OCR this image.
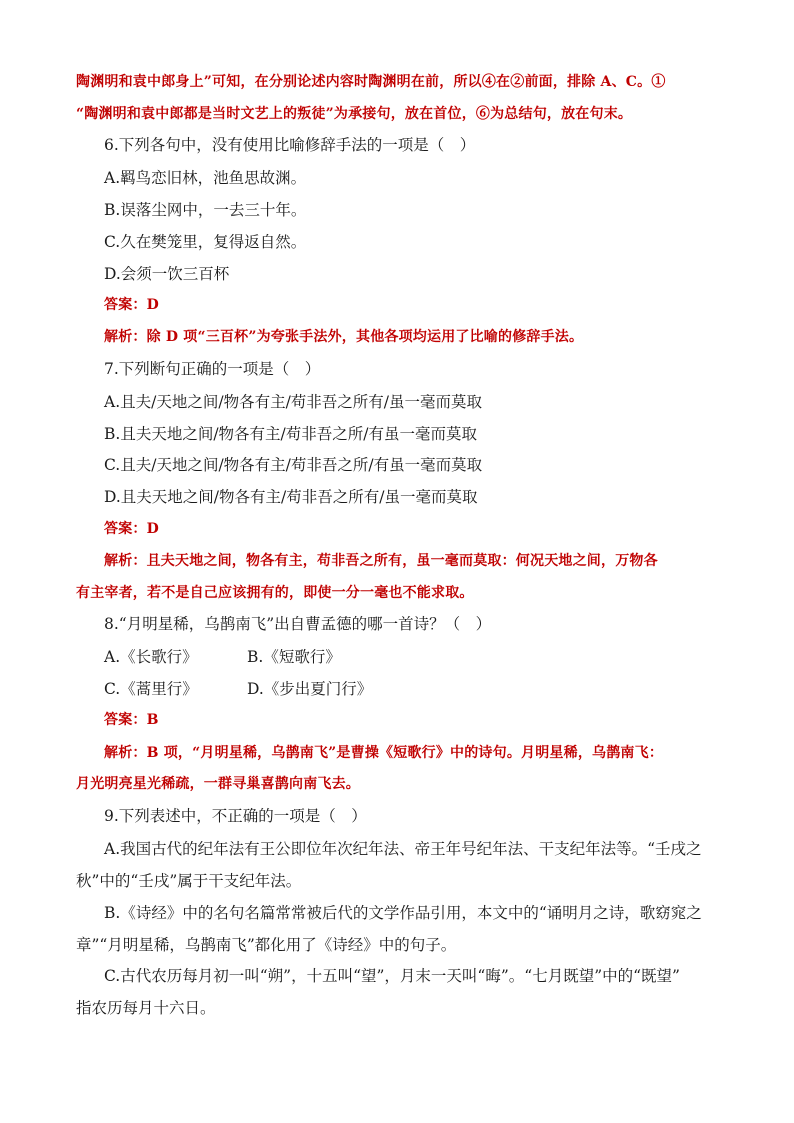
陶渊明和袁中郎身上”可知，在分别论述内容时陶渊明在前，所以④在②前面，排除 A、C。①
“陶渊明和袁中郎都是当时文艺上的叛徒”为承接句，放在首位，⑥为总结句，放在句末。
6.下列各句中，没有使用比喻修辞手法的一项是（　）
A.羁鸟恋旧林，池鱼思故渊。
B.误落尘网中，一去三十年。
C.久在樊笼里，复得返自然。
D.会须一饮三百杯
答案：D
解析：除 D 项“三百杯”为夸张手法外，其他各项均运用了比喻的修辞手法。
7.下列断句正确的一项是（　）
A.且夫/天地之间/物各有主/苟非吾之所有/虽一毫而莫取
B.且夫天地之间/物各有主/苟非吾之所/有虽一毫而莫取
C.且夫/天地之间/物各有主/苟非吾之所/有虽一毫而莫取
D.且夫天地之间/物各有主/苟非吾之所有/虽一毫而莫取
答案：D
解析：且夫天地之间，物各有主，苟非吾之所有，虽一毫而莫取：何况天地之间，万物各
有主宰者，若不是自己应该拥有的，即使一分一毫也不能求取。
8.“月明星稀，乌鹊南飞”出自曹孟德的哪一首诗？（　）
A.《长歌行》	B.《短歌行》
C.《蒿里行》	D.《步出夏门行》
答案：B
解析：B 项，“月明星稀，乌鹊南飞”是曹操《短歌行》中的诗句。月明星稀，乌鹊南飞：
月光明亮星光稀疏，一群寻巢喜鹊向南飞去。
9.下列表述中，不正确的一项是（　）
A.我国古代的纪年法有王公即位年次纪年法、帝王年号纪年法、干支纪年法等。“壬戌之
秋”中的“壬戌”属于干支纪年法。
B.《诗经》中的名句名篇常常被后代的文学作品引用，本文中的“诵明月之诗，歌窈窕之
章”“月明星稀，乌鹊南飞”都化用了《诗经》中的句子。
C.古代农历每月初一叫“朔”，十五叫“望”，月末一天叫“晦”。“七月既望”中的“既望”
指农历每月十六日。
